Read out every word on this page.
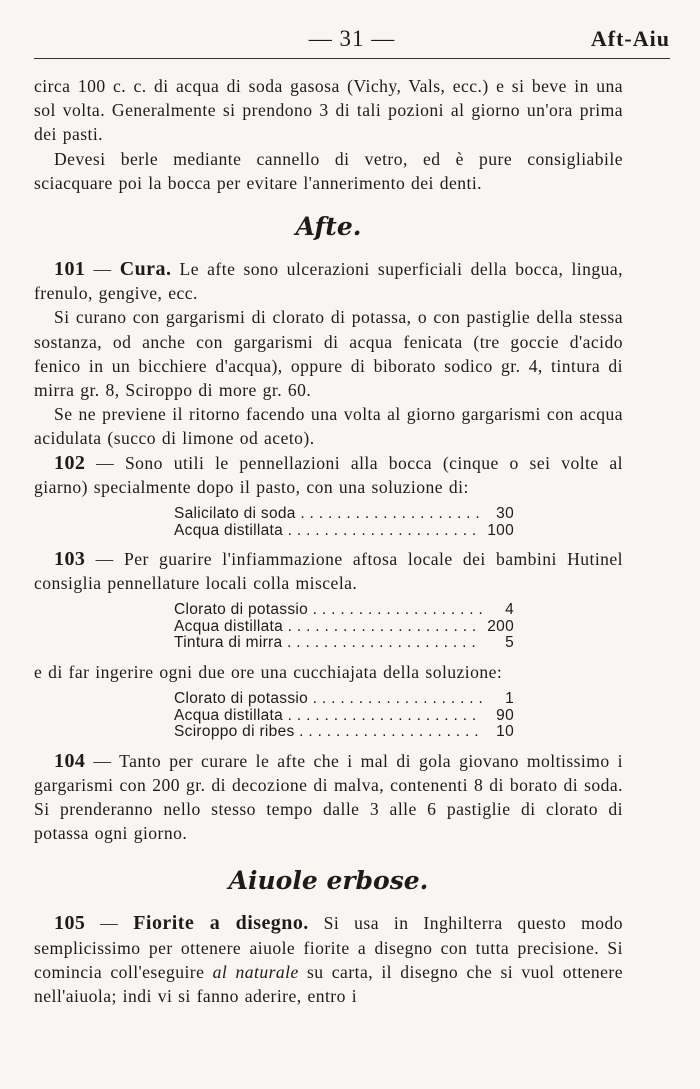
— 31 —	Aft-Aiu

circa 100 c. c. di acqua di soda gasosa (Vichy, Vals, ecc.) e si beve in una sol volta. Generalmente si prendono 3 di tali pozioni al giorno un'ora prima dei pasti.

Devesi berle mediante cannello di vetro, ed è pure consigliabile sciacquare poi la bocca per evitare l'annerimento dei denti.

Afte.

101 — Cura. Le afte sono ulcerazioni superficiali della bocca, lingua, frenulo, gengive, ecc.

Si curano con gargarismi di clorato di potassa, o con pastiglie della stessa sostanza, od anche con gargarismi di acqua fenicata (tre goccie d'acido fenico in un bicchiere d'acqua), oppure di biborato sodico gr. 4, tintura di mirra gr. 8, Sciroppo di more gr. 60.

Se ne previene il ritorno facendo una volta al giorno gargarismi con acqua acidulata (succo di limone od aceto).

102 — Sono utili le pennellazioni alla bocca (cinque o sei volte al giarno) specialmente dopo il pasto, con una soluzione di:

Salicilato di soda . . .	30
Acqua distillata . . .	100

103 — Per guarire l'infiammazione aftosa locale dei bambini Hutinel consiglia pennellature locali colla miscela.

Clorato di potassio . . .	4
Acqua distillata . . .	200
Tintura di mirra . . .	5

e di far ingerire ogni due ore una cucchiajata della soluzione:

Clorato di potassio . . .	1
Acqua distillata . . .	90
Sciroppo di ribes . . .	10

104 — Tanto per curare le afte che i mal di gola giovano moltissimo i gargarismi con 200 gr. di decozione di malva, contenenti 8 di borato di soda. Si prenderanno nello stesso tempo dalle 3 alle 6 pastiglie di clorato di potassa ogni giorno.

Aiuole erbose.

105 — Fiorite a disegno. Si usa in Inghilterra questo modo semplicissimo per ottenere aiuole fiorite a disegno con tutta precisione. Si comincia coll'eseguire al naturale su carta, il disegno che si vuol ottenere nell'aiuola; indi vi si fanno aderire, entro i
